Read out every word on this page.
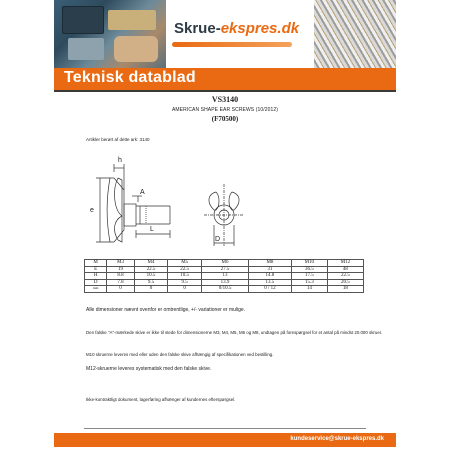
Skrue-ekspres.dk
Teknisk datablad
VS3140
AMERICAN SHAPE EAR SCREWS (10/2012)
(F70500)
Artikler berørt af dette ark: 3140
h
A
e
L
D
M	M3	M4	M5	M6	M8	M10	M12
E	19	22.5	22.5	27.5	31	36.5	48
H	8.8	10.5	10.5	13	14.8	17.5	22.5
D	7.8	9.5	9.5	13.9	13.5	15.3	20.5
mm	0	0	0	0/10.5	0 / 12	14	18
Alle dimensioner nævnt ovenfor er omtrentlige, +/- variationer er mulige.
Den falske "A"-mærkede skive er ikke til stede for dimensionerne M3, M4, M5, M6 og M8, undtagen på forespørgsel for et antal på mindst 20.000 skruer.
M10 skruerne leveres med eller uden den falske skive afhængig af specifikationen ved bestilling.
M12-skruerne leveres systematisk med den falske skive.
Ikke-kontraktligt dokument, lagerføring afhænger af kundernes efterspørgsel.
kundeservice@skrue-ekspres.dk
